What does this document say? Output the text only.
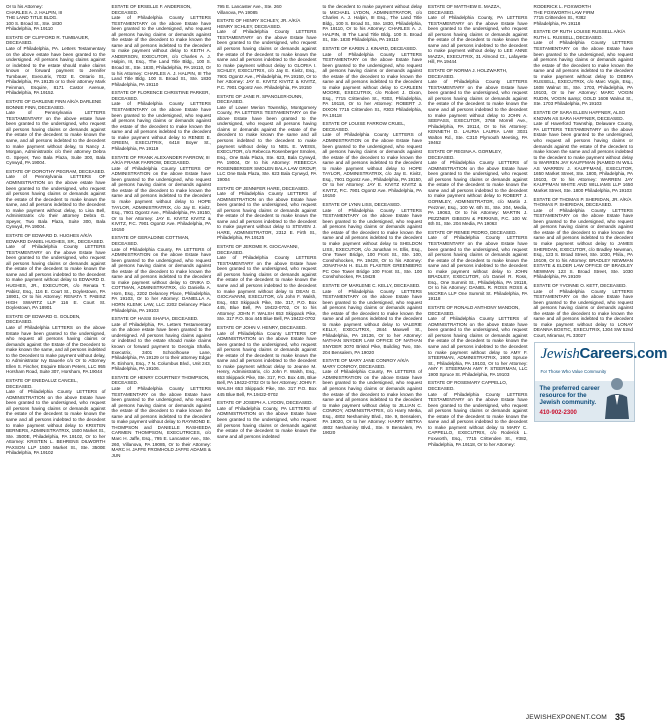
Or to his Attorney:
CHARLES A. J. HALPIN, III
THE LAND TITLE BLDG.
100 S. Broad St., Ste. 1830
Philadelphia, PA 19110
ESTATE OF CLIFFORD R. TUMBAUER, DECEASED.
Late of Philadelphia, PA. Letters Testamentary on the above estate have been granted to the undersigned. All persons having claims against or indebted to the estate should make claims known or forward payment to Jennifer Tumbauer, Executrix, 7032 E. Ontario St., Philadelphia, PA 19135 or to their attorney Mark Feinman, Esquire, 8171 Castor Avenue, Philadelphia, PA 19152.
ESTATE OF DARLENE FINN A/K/A DARLENE BONNIE FINN, DECEASED.
Late of Pennsylvania LETTERS TESTAMENTARY on the above estate have been granted to the undersigned, who request all persons having claims or demands against the estate of the decedent to make known the same, and all persons indebted to the decedent to make payment without delay, to Nancy J. Morgan, Administratrix c/o their attorney Debra G. Speyer, Two Bala Plaza, Suite 300, Bala Cynwyd, PA 19004.
ESTATE OF DOROTHY PEGRAM, DECEASED.
Late of Pennsylvania LETTERS OF ADMINISTRATION on the above estate have been granted to the undersigned, who request all persons having claims or demands against the estate of the decedent to make known the same, and all persons indebted to the decedent to make payment without delay, to Lisa Bell, Administratrix c/o their attorney Debra G. Speyer, Two Bala Plaza, Suite 300, Bala Cynwyd, PA 19004.
ESTATE OF EDWARD D. HUGHES A/K/A EDWARD DANIEL HUGHES, SR., DECEASED.
Late of Philadelphia County LETTERS TESTAMENTARY on the above Estate have been granted to the undersigned, who request all persons having claims or demands against the estate of the decedent to make known the same and all persons indebted to the decedent to make payment without delay to EDWARD D. HUGHES, JR., EXECUTOR, c/o Renata T. Pabisz, Esq., 116 E. Court St., Doylestown, PA 18901, Or to his Attorney: RENATA T. PABISZ HIGH SWARTZ LLP 116 E. Court St. Doylestown, PA 18901
ESTATE OF EDWARD G. GOLDEN, DECEASED.
Late of Philadelphia LETTERS on the above Estate have been granted to the undersigned, who request all persons having claims or demands against the Estate of the Decedent to make known the same, and all persons indebted to the Decedent to make payment without delay, to Administrator Ivy Bauerle c/o Or to Attorney Ellen S. Fischer, Esquire Bloom Peters, LLC 955 Horsham Road, Suite 307, Horsham, PA 19044
ESTATE OF ENEDALUZ CANCEL, DECEASED.
Late of Philadelphia County LETTERS of ADMINISTRATION on the above Estate have been granted to the undersigned, who request all persons having claims or demands against the estate of the decedent to make known the same and all persons indebted to the decedent to make payment without delay to KRISTEN BERNERS, ADMINISTRATRIX, 1500 Market St., Ste. 3500E, Philadelphia, PA 19102, Or to her Attorney: KRISTEN L. BEHRENS DILWORTH PAXSON LLP 1500 Market St., Ste. 3500E Philadelphia, PA 19102
ESTATE OF ERSELLE F. ANDERSON, DECEASED.
Late of Philadelphia County LETTERS TESTAMENTARY on the above Estate have been granted to the undersigned, who request all persons having claims or demands against the estate of the decedent to make known the same and all persons indebted to the decedent to make payment without delay to KEITH A. ANDERSON, EXECUTOR, c/o Charles A. J. Halpin, III, Esq., The Land Title Bldg., 100 S. Broad St., Ste. 1830, Philadelphia, PA 19110, Or to his Attorney: CHARLES A. J. HALPIN, III The Land Title Bldg. 100 S. Broad St., Ste. 1830 Philadelphia, PA 19110
ESTATE OF FLORENCE CHRISTINE PARKER, DECEASED.
Late of Philadelphia County LETTERS TESTAMENTARY on the above Estate have been granted to the undersigned, who request all persons having claims or demands against the estate of the decedent to make known the same and all persons indebted to the decedent to make payment without delay to RENEE E. GREEN, EXECUTRIX, 6418 Boyer St., Philadelphia, PA 19119
ESTATE OF FRANK ALEXANDER FARROW, III A/K/A FRANK FARROW, DECEASED.
Late of Philadelphia County LETTERS OF ADMINISTRATION on the above Estate have been granted to the undersigned, who request all persons having claims or demands against the estate of the decedent to make known the same and all persons indebted to the decedent to make payment without delay to HOPE TAYLOR, ADMINISTRATRIX, c/o Jay E. Kivitz, Esq., 7901 Ogontz Ave., Philadelphia, PA 19150, Or to her Attorney: JAY E. KIVITZ KIVITZ & KIVITZ, P.C. 7901 Ogontz Ave. Philadelphia, PA 19150
ESTATE OF GERALDINE COTTMAN, DECEASED.
Late of Philadelphia County, PA LETTERS of ADMINISTRATION on the above Estate have been granted to the undersigned, who request all persons having claims or demands against the estate of the decedent to make known the same and all persons indebted to the decedent to make payment without delay to ONIKA D. COTTMAN, ADMINISTRATRIX, c/o Daniella A. Horn, Esq., 2202 Delancey Place, Philadelphia, PA 19103, Or to her Attorney: DANIELLA A. HORN KLENK LAW, LLC 2202 Delancey Place Philadelphia, PA 19103
ESTATE OF HASSI SHAFIA, DECEASED.
Late of Philadelphia, PA. Letters Testamentary on the above estate have been granted to the undersigned. All persons having claims against or indebted to the estate should make claims known or forward payment to Georgia Shafia, Executrix, 3401 Schoolhouse Lane, Philadelphia, PA 19129 or to their attorney Edgar R. Einhorn, Esq., 7 N. Columbus Blvd., Unit 243, Philadelphia, PA 19106.
ESTATE OF HENRY COURTNEY THOMPSON, DECEASED.
Late of Philadelphia County LETTERS TESTAMENTARY on the above Estate have been granted to the undersigned, who request all persons having claims or demands against the estate of the decedent to make known the same and all persons indebted to the decedent to make payment without delay to RAYMOND E. THOMPSON and DANIELLE RASHEEDA CARMEN THOMPSON, EXECUTRICES, c/o Marc H. Jaffe, Esq., 795 E. Lancaster Ave., Ste. 260, Villanova, PA 19085, Or to their Attorney: MARC H. JAFFE FROMHOLD JAFFE ADAMS & JUN
795 E. Lancaster Ave., Ste. 260
Villanova, PA 19085
ESTATE OF HENRY SCHLEY, JR. A/K/A HENRY SCHLEY, DECEASED.
Late of Philadelphia County LETTERS TESTAMENTARY on the above Estate have been granted to the undersigned, who request all persons having claims or demands against the estate of the decedent to make known the same and all persons indebted to the decedent to make payment without delay to GLORIA I. SCHLEY, EXECUTRIX, c/o Jay E. Kivitz, Esq., 7901 Ogontz Ave., Philadelphia, PA 19150, Or to her Attorney: JAY E. KIVITZ KIVITZ & KIVITZ, P.C. 7901 Ogontz Ave. Philadelphia, PA 19150
ESTATE OF JANE R. SPANGLER-DUNN, DECEASED.
Late of Lower Merion Township, Montgomery County, PA LETTERS TESTAMENTARY on the above Estate have been granted to the undersigned, who request all persons having claims or demands against the estate of the decedent to make known the same and all persons indebted to the decedent to make payment without delay to NEIL E. WEISS, EXECUTOR, c/o Rebecca Rosenberger Smolen, Esq., One Bala Plaza, Ste. 623, Bala Cynwyd, PA 19004, Or to his Attorney: REBECCA ROSENBERGER SMOLEN BALA LAW GROUP, LLC One Bala Plaza, Ste. 623 Bala Cynwyd, PA 19004
ESTATE OF JENNIFER HARE, DECEASED.
Late of Philadelphia County LETTERS of ADMINISTRATION on the above Estate have been granted to the undersigned, who request all persons having claims or demands against the estate of the decedent to make known the same and all persons indebted to the decedent to make payment without delay to STEVEN J. HARE, ADMINISTRATOR, 2312 E. Firth St., Philadelphia, PA 19125
ESTATE OF JEROME R. GIOCAVANNI, DECEASED.
Late of Philadelphia County LETTERS TESTAMENTARY on the above Estate have been granted to the undersigned, who request all persons having claims or demands against the estate of the decedent to make known the same and all persons indebted to the decedent to make payment without delay to DEAN G. GIOCAVANNI, EXECUTOR, c/o John F. Walsh, Esq., 653 Skippack Pike, Ste. 317, P.O. Box 445, Blue Bell, PA 19422-0702, Or to his Attorney: JOHN F. WALSH 653 Skippack Pike, Ste. 317 P.O. Box 445 Blue Bell, PA 19422-0702
ESTATE OF JOHN V. HENRY, DECEASED.
Late of Philadelphia County LETTERS OF ADMINISTRATION on the above Estate have been granted to the undersigned, who request all persons having claims or demands against the estate of the decedent to make known the same and all persons indebted to the decedent to make payment without delay to Jeanne M. Henry, Administratrix, c/o John F. Walsh, Esq., 653 Skippack Pike, Ste. 317, P.O. Box 445, Blue Bell, PA 19422-0702 Or to her Attorney: JOHN F. WALSH 653 Skippack Pike, Ste. 317 P.O. Box 445 Blue Bell, PA 19422-0702
ESTATE OF JOSEPH A. LYDON, DECEASED.
Late of Philadelphia County, PA LETTERS of ADMINISTRATION on the above Estate have been granted to the undersigned, who request all persons having claims or demands against the estate of the decedent to make known the same and all persons indebted
to the decedent to make payment without delay to MICHAEL LYDON, ADMINISTRATOR, c/o Charles A. J. Halpin, III Esq., The Land Title Bldg., 100 S. Broad St., Ste. 1830, Philadelphia, PA 19110, Or to his Attorney: CHARLES A. J. HALPIN, III The Land Title Bldg. 100 S. Broad St., Ste. 1830 Philadelphia, PA 19110
ESTATE OF KAREN J. KINARD, DECEASED.
Late of Philadelphia County LETTERS TESTAMENTARY on the above Estate have been granted to the undersigned, who request all persons having claims or demands against the estate of the decedent to make known the same and all persons indebted to the decedent to make payment without delay to CARLEEN MOORE, EXECUTRIX, c/o Robert J. Dixon, Esq., 7715 Crittenden St., #303, Philadelphia, PA 19118, Or to her Attorney: ROBERT J. DIXON 7715 Crittenden St., #303 Philadelphia, PA 19118
ESTATE OF LOUISE FARROW CRUEL, DECEASED.
Late of Philadelphia County LETTERS of ADMINISTRATION on the above Estate have been granted to the undersigned, who request all persons having claims or demands against the estate of the decedent to make known the same and all persons indebted to the decedent to make payment without delay to HOPE TAYLOR, ADMINISTRATRIX, c/o Jay E. Kivitz, Esq., 7901 Ogontz Ave., Philadelphia, PA 19150, Or to her Attorney: JAY E. KIVITZ KIVITZ & KIVITZ, P.C. 7901 Ogontz Ave. Philadelphia, PA 19150
ESTATE OF LYNN LISS, DECEASED.
Late of Philadelphia County LETTERS TESTAMENTARY on the above Estate have been granted to the undersigned, who request all persons having claims or demands against the estate of the decedent to make known the same and all persons indebted to the decedent to make payment without delay to SHELDON LISS, EXECUTOR, c/o Jonathan H. Ellis, Esq., One Tower Bridge, 100 Front St., Ste. 100, Conshohocken, PA 19428, Or to his Attorney: JONATHAN H. ELLIS FLASTER GREENBERG PC One Tower Bridge 100 Front St., Ste. 100 Conshohocken, PA 19428
ESTATE OF MARLENE C. KELLY, DECEASED.
Late of Philadelphia County LETTERS TESTAMENTARY on the above Estate have been granted to the undersigned, who request all persons having claims or demands against the estate of the decedent to make known the same and all persons indebted to the decedent to make payment without delay to VALERIE KELLY, EXECUTRIX, 2844 Maxwell St., Philadelphia, PA 19136, Or to her Attorney: NATHAN SNYDER LAW OFFICE OF NATHAN SNYDER 3070 Bristol Pike, Building Two, Ste. 204 Bensalem, PA 19020
ESTATE OF MARY JANE CONROY A/K/A MARY CONROY, DECEASED.
Late of Philadelphia County, PA LETTERS of ADMINISTRATION on the above Estate have been granted to the undersigned, who request all persons having claims or demands against the estate of the decedent to make known the same and all persons indebted to the decedent to make payment without delay to JILLIAN C. CONROY, ADMINISTRATRIX, c/o Harry Metka, Esq., 4802 Neshaminy Blvd., Ste. 9, Bensalem, PA 19020, Or to her Attorney: HARRY METKA 4802 Neshaminy Blvd., Ste. 9 Bensalem, PA 19020
ESTATE OF MATTHEW E. MAZZA, DECEASED.
Late of Philadelphia County, PA LETTERS TESTAMENTARY on the above Estate have been granted to the undersigned, who request all persons having claims or demands against the estate of the decedent to make known the same and all persons indebted to the decedent to make payment without delay to LEE ANNE MAZZA, EXECUTRIX, 31 Almond Ct., Lafayette Hill, PA 19444
ESTATE OF NORMA J. HOLZWARTH, DECEASED.
Late of Philadelphia County LETTERS TESTAMENTARY on the above Estate have been granted to the undersigned, who request all persons having claims or demands against the estate of the decedent to make known the same and all persons indebted to the decedent to make payment without delay to JOHN A. SEEFASS, EXECUTOR, 3768 Morrell Ave., Philadelphia, PA 19114, Or to his Attorney: KENNETH D. LAURIA LAURIA LAW 3031 Walton Rd., Ste. C310 Plymouth Meeting, PA 19462
ESTATE OF REGINA A. GORMLEY, DECEASED.
Late of Philadelphia County LETTERS of ADMINISTRATION on the above Estate have been granted to the undersigned, who request all persons having claims or demands against the estate of the decedent to make known the same and all persons indebted to the decedent to make payment without delay to ROBERT J. GORMLEY, ADMINISTRATOR, c/o Martin J. Pezzner, Esq., 100 W. 6th St., Ste. 204, Media, PA 19063, Or to his Attorney: MARTIN J. PEZZNER GIBSON & PERKINS, P.C. 100 W. 6th St., Ste. 204 Media, PA 19063
ESTATE OF RENEE PEDRO, DECEASED.
Late of Philadelphia County LETTERS TESTAMENTARY on the above Estate have been granted to the undersigned, who request all persons having claims or demands against the estate of the decedent to make known the same and all persons indebted to the decedent to make payment without delay to JOHN BRADLEY, EXECUTOR, c/o Daniel R. Ross, Esq., One Summit St., Philadelphia, PA 19118, Or to his Attorney: DANIEL R. ROSS ROSS & McCREA LLP One Summit St. Philadelphia, PA 19118
ESTATE OF RONALD ANTHONY MANDON, DECEASED.
Late of Philadelphia County LETTERS of ADMINISTRATION on the above Estate have been granted to the undersigned, who request all persons having claims or demands against the estate of the decedent to make known the same and all persons indebted to the decedent to make payment without delay to AMY F. STEERMAN, ADMINISTRATRIX, 1900 Spruce St., Philadelphia, PA 19103, Or to her Attorney: AMY F. STEERMAN AMY F. STEERMAN, LLC 1900 Spruce St. Philadelphia, PA 19103
ESTATE OF ROSEMARY CAPPELLO, DECEASED.
Late of Philadelphia County LETTERS TESTAMENTARY on the above Estate have been granted to the undersigned, who request all persons having claims or demands against the estate of the decedent to make known the same and all persons indebted to the decedent to make payment without delay to MARY C. CAPPELLO, EXECUTRIX, c/o Roderick L. Foxworth, Esq., 7715 Crittenden St., #382, Philadelphia, PA 19118, Or to her Attorney:
RODERICK L. FOXWORTH
THE FOXWORTH LAW FIRM
7715 Crittenden St., #382
Philadelphia, PA 19118
ESTATE OF RUTH LOUISE RUSSELL A/K/A RUTH L. RUSSELL, DECEASED.
Late of Philadelphia County LETTERS TESTAMENTARY on the above Estate have been granted to the undersigned, who request all persons having claims or demands against the estate of the decedent to make known the same and all persons indebted to the decedent to make payment without delay to DEBRA RUSSELL, EXECUTRIX, c/o Marc Vogin, Esq., 1608 Walnut St., Ste. 1703, Philadelphia, PA 19103, Or to her Attorney: MARC VOGIN RUDIN, VOGIN &amp; GOLD 1608 Walnut St., Ste. 1703 Philadelphia, PA 19103
ESTATE OF SARA ELLEN HAFFNER, ALSO KNOWN AS SARA HAFFNER, DECEASED.
Late of Haverford Township, Delaware County, PA LETTERS TESTAMENTARY on the above Estate have been granted to the undersigned, who request all persons having claims or demands against the estate of the decedent to make known the same and all persons indebted to the decedent to make payment without delay to WARREN JAY KAUFFMAN (NAMED IN WILL AS WARREN J. KAUFFMAN), EXECUTOR, 1650 Market Street, Ste. 1800, Philadelphia, PA 19103, Or to his Attorney: WARREN JAY KAUFFMAN WHITE AND WILLIAMS LLP 1650 Market Street, Ste. 1800 Philadelphia, PA 19103
ESTATE OF THOMAS P. SHERIDAN, JR. A/K/A THOMAS P. SHERIDAN, DECEASED.
Late of Philadelphia County LETTERS TESTAMENTARY on the above Estate have been granted to the undersigned, who request all persons having claims or demands against the estate of the decedent to make known the same and all persons indebted to the decedent to make payment without delay to JAMES SHERIDAN, EXECUTOR, c/o Bradley Newman, Esq., 123 S. Broad Street, Ste. 1030, Phila., PA 19109, Or to his Attorney: BRADLEY NEWMAN ESTATE & ELDER LAW OFFICE OF BRADLEY NEWMAN 123 S. Broad Street, Ste. 1030 Philadelphia, PA 19109
ESTATE OF YVONNE O. KETT, DECEASED.
Late of Philadelphia County LETTERS TESTAMENTARY on the above Estate have been granted to the undersigned, who request all persons having claims or demands against the estate of the decedent to make known the same and all persons indebted to the decedent to make payment without delay to LONAY DEANNA BOSTIC, EXECUTRIX, 1304 SW 52nd Court, Miramar, FL 33027
JewishCareers.com
For Those Who Value Community
The preferred career resource for the Jewish community.
410-902-2300
JEWISHEXPONENT.COM 35
